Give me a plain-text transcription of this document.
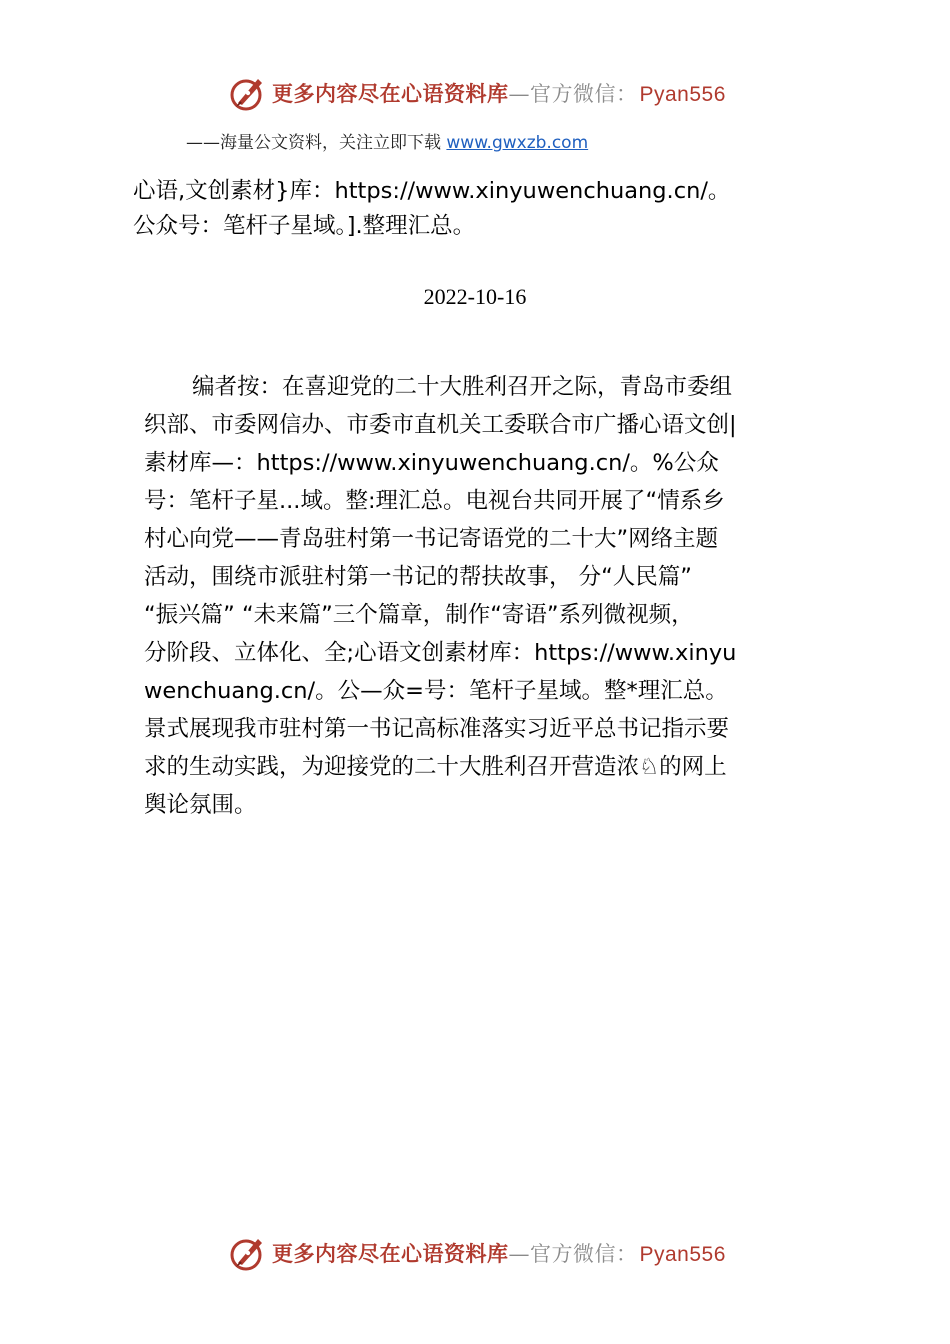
更多内容尽在心语资料库—官方微信：Pyan556
——海量公文资料，关注立即下载 www.gwxzb.com
心语,文创素材}库：https://www.xinyuwenchuang.cn/。
公众号：笔杆子星域。].整理汇总。
2022-10-16
编者按：在喜迎党的二十大胜利召开之际，青岛市委组
织部、市委网信办、市委市直机关工委联合市广播心语文创|
素材库—：https://www.xinyuwenchuang.cn/。%公众
号：笔杆子星...域。整:理汇总。电视台共同开展了“情系乡
村心向党——青岛驻村第一书记寄语党的二十大”网络主题
活动，围绕市派驻村第一书记的帮扶故事， 分“人民篇”
“振兴篇” “未来篇”三个篇章，制作“寄语”系列微视频，
分阶段、立体化、全;心语文创素材库：https://www.xinyu
wenchuang.cn/。公—众=号：笔杆子星域。整*理汇总。
景式展现我市驻村第一书记高标准落实习近平总书记指示要
求的生动实践，为迎接党的二十大胜利召开营造浓♘的网上
舆论氛围。
更多内容尽在心语资料库—官方微信：Pyan556
